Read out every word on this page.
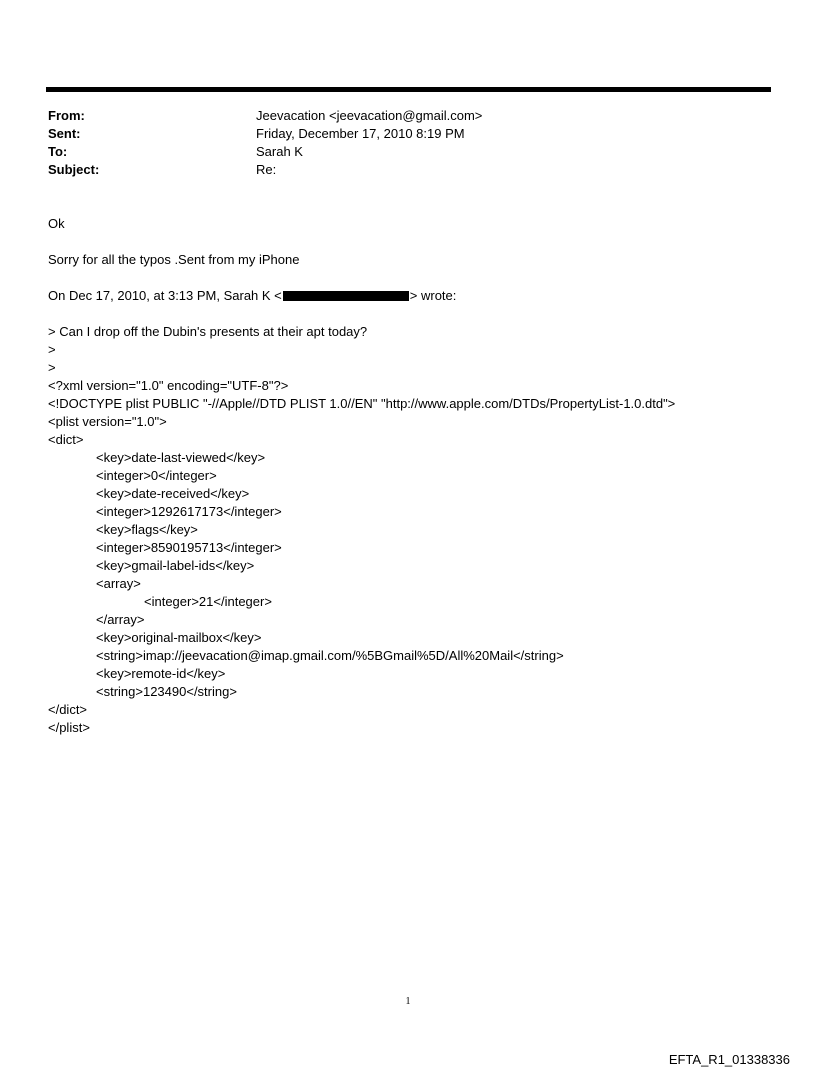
From:	Jeevacation <jeevacation@gmail.com>
Sent:	Friday, December 17, 2010 8:19 PM
To:	Sarah K
Subject:	Re:
Ok
Sorry for all the typos .Sent from my iPhone
On Dec 17, 2010, at 3:13 PM, Sarah K <	> wrote:
> Can I drop off the Dubin's presents at their apt today?
>
>
<?xml version="1.0" encoding="UTF-8"?>
<!DOCTYPE plist PUBLIC "-//Apple//DTD PLIST 1.0//EN" "http://www.apple.com/DTDs/PropertyList-1.0.dtd">
<plist version="1.0">
<dict>
<key>date-last-viewed</key>
<integer>0</integer>
<key>date-received</key>
<integer>1292617173</integer>
<key>flags</key>
<integer>8590195713</integer>
<key>gmail-label-ids</key>
<array>
<integer>21</integer>
</array>
<key>original-mailbox</key>
<string>imap://jeevacation@imap.gmail.com/%5BGmail%5D/All%20Mail</string>
<key>remote-id</key>
<string>123490</string>
</dict>
</plist>
1
EFTA_R1_01338336
